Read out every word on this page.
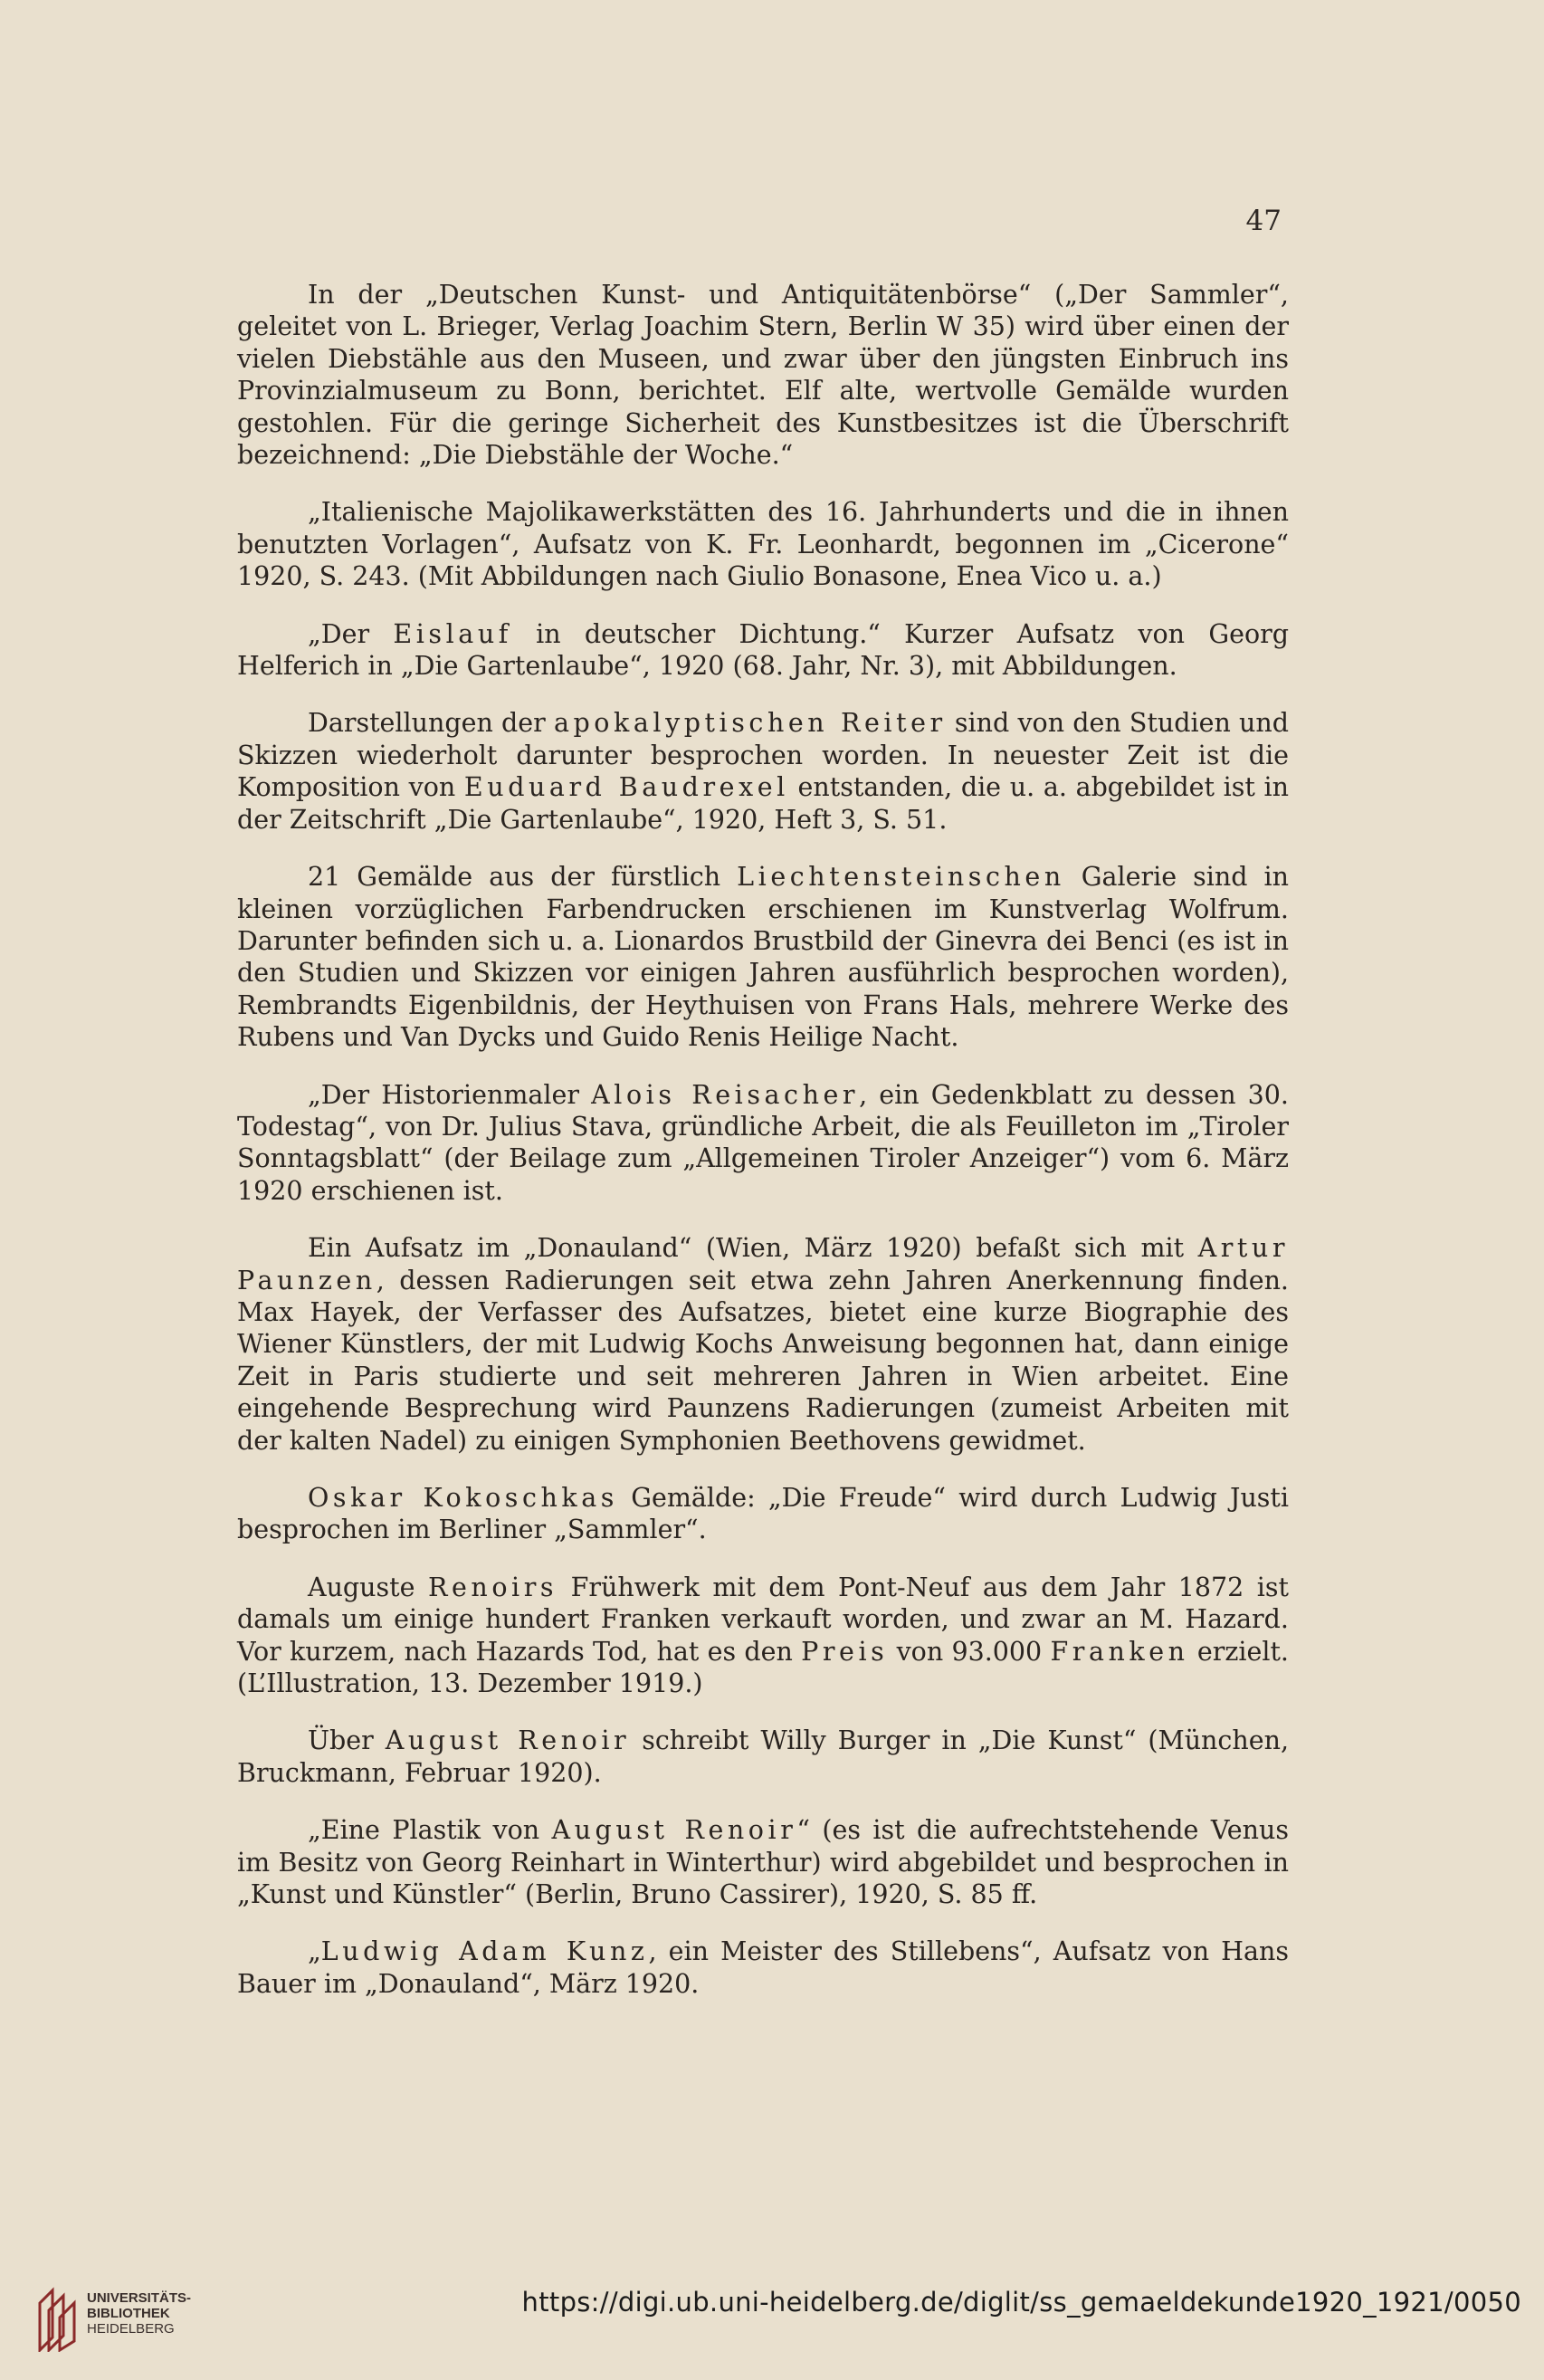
47

In der „Deutschen Kunst- und Antiquitätenbörse“ („Der Sammler“, geleitet von L. Brieger, Verlag Joachim Stern, Berlin W 35) wird über einen der vielen Diebstähle aus den Museen, und zwar über den jüngsten Einbruch ins Provinzialmuseum zu Bonn, berichtet. Elf alte, wertvolle Gemälde wurden gestohlen. Für die geringe Sicherheit des Kunstbesitzes ist die Überschrift bezeichnend: „Die Diebstähle der Woche.“

„Italienische Majolikawerkstätten des 16. Jahrhunderts und die in ihnen benutzten Vorlagen“, Aufsatz von K. Fr. Leonhardt, begonnen im „Cicerone“ 1920, S. 243. (Mit Abbildungen nach Giulio Bonasone, Enea Vico u. a.)

„Der Eislauf in deutscher Dichtung.“ Kurzer Aufsatz von Georg Helferich in „Die Gartenlaube“, 1920 (68. Jahr, Nr. 3), mit Abbildungen.

Darstellungen der apokalyptischen Reiter sind von den Studien und Skizzen wiederholt darunter besprochen worden. In neuester Zeit ist die Komposition von Euduard Baudrexel entstanden, die u. a. abgebildet ist in der Zeitschrift „Die Gartenlaube“, 1920, Heft 3, S. 51.

21 Gemälde aus der fürstlich Liechtensteinschen Galerie sind in kleinen vorzüglichen Farbendrucken erschienen im Kunstverlag Wolfrum. Darunter befinden sich u. a. Lionardos Brustbild der Ginevra dei Benci (es ist in den Studien und Skizzen vor einigen Jahren ausführlich besprochen worden), Rembrandts Eigenbildnis, der Heythuisen von Frans Hals, mehrere Werke des Rubens und Van Dycks und Guido Renis Heilige Nacht.

„Der Historienmaler Alois Reisacher, ein Gedenkblatt zu dessen 30. Todestag“, von Dr. Julius Stava, gründliche Arbeit, die als Feuilleton im „Tiroler Sonntagsblatt“ (der Beilage zum „Allgemeinen Tiroler Anzeiger“) vom 6. März 1920 erschienen ist.

Ein Aufsatz im „Donauland“ (Wien, März 1920) befaßt sich mit Artur Paunzen, dessen Radierungen seit etwa zehn Jahren Anerkennung finden. Max Hayek, der Verfasser des Aufsatzes, bietet eine kurze Biographie des Wiener Künstlers, der mit Ludwig Kochs Anweisung begonnen hat, dann einige Zeit in Paris studierte und seit mehreren Jahren in Wien arbeitet. Eine eingehende Besprechung wird Paunzens Radierungen (zumeist Arbeiten mit der kalten Nadel) zu einigen Symphonien Beethovens gewidmet.

Oskar Kokoschkas Gemälde: „Die Freude“ wird durch Ludwig Justi besprochen im Berliner „Sammler“.

Auguste Renoirs Frühwerk mit dem Pont-Neuf aus dem Jahr 1872 ist damals um einige hundert Franken verkauft worden, und zwar an M. Hazard. Vor kurzem, nach Hazards Tod, hat es den Preis von 93.000 Franken erzielt. (L’Illustration, 13. Dezember 1919.)

Über August Renoir schreibt Willy Burger in „Die Kunst“ (München, Bruckmann, Februar 1920).

„Eine Plastik von August Renoir“ (es ist die aufrechtstehende Venus im Besitz von Georg Reinhart in Winterthur) wird abgebildet und besprochen in „Kunst und Künstler“ (Berlin, Bruno Cassirer), 1920, S. 85 ff.

„Ludwig Adam Kunz, ein Meister des Stillebens“, Aufsatz von Hans Bauer im „Donauland“, März 1920.

UNIVERSITÄTS-
BIBLIOTHEK
HEIDELBERG
https://digi.ub.uni-heidelberg.de/diglit/ss_gemaeldekunde1920_1921/0050
